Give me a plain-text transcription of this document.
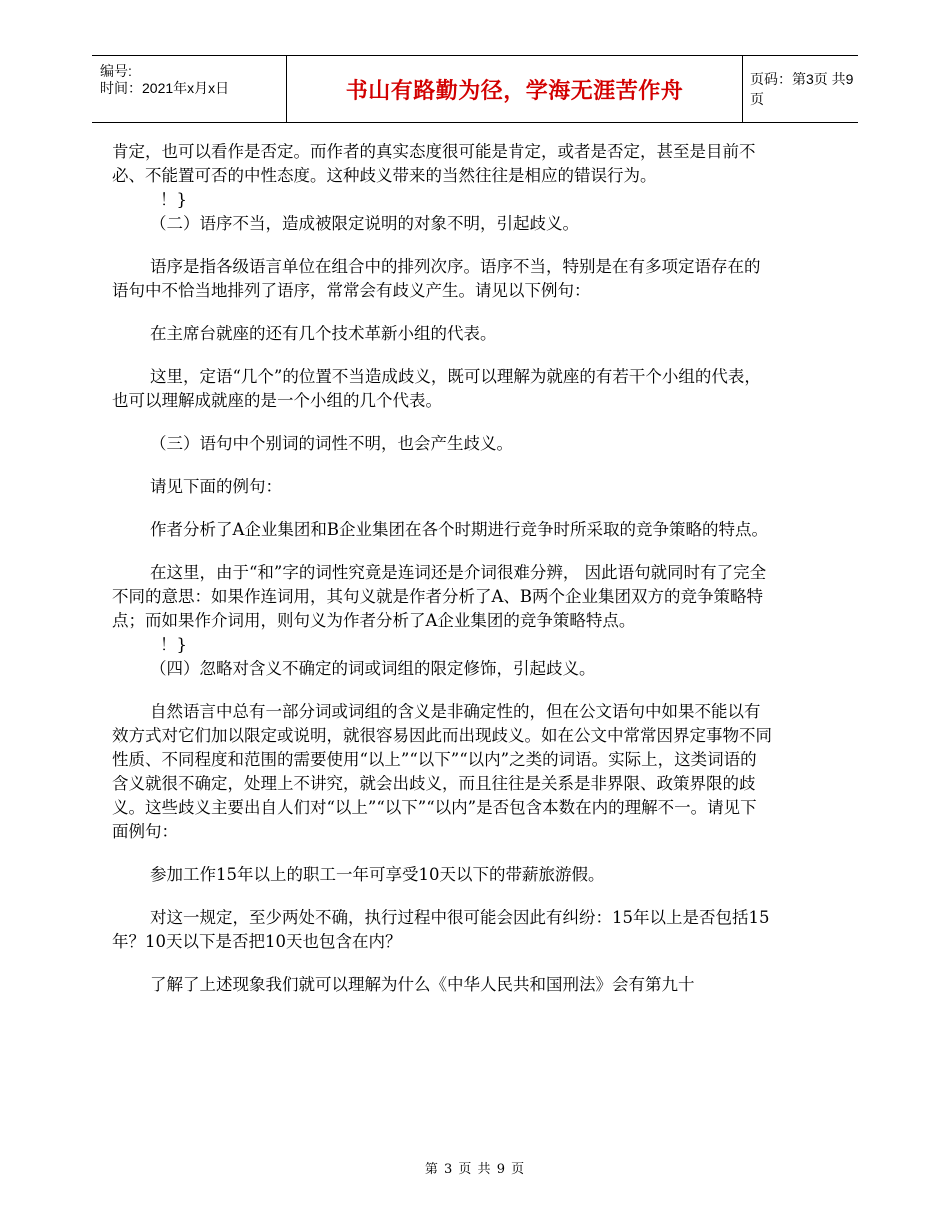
编号:
时间：2021年x月x日	书山有路勤为径，学海无涯苦作舟	页码：第3页 共9页

肯定，也可以看作是否定。而作者的真实态度很可能是肯定，或者是否定，甚至是目前不必、不能置可否的中性态度。这种歧义带来的当然往往是相应的错误行为。

！}

（二）语序不当，造成被限定说明的对象不明，引起歧义。

语序是指各级语言单位在组合中的排列次序。语序不当，特别是在有多项定语存在的语句中不恰当地排列了语序，常常会有歧义产生。请见以下例句：

在主席台就座的还有几个技术革新小组的代表。

这里，定语“几个”的位置不当造成歧义，既可以理解为就座的有若干个小组的代表，也可以理解成就座的是一个小组的几个代表。

（三）语句中个别词的词性不明，也会产生歧义。

请见下面的例句：

作者分析了A企业集团和B企业集团在各个时期进行竞争时所采取的竞争策略的特点。

在这里，由于“和”字的词性究竟是连词还是介词很难分辨， 因此语句就同时有了完全不同的意思：如果作连词用，其句义就是作者分析了A、B两个企业集团双方的竞争策略特点；而如果作介词用，则句义为作者分析了A企业集团的竞争策略特点。

！}

（四）忽略对含义不确定的词或词组的限定修饰，引起歧义。

自然语言中总有一部分词或词组的含义是非确定性的，但在公文语句中如果不能以有效方式对它们加以限定或说明，就很容易因此而出现歧义。如在公文中常常因界定事物不同性质、不同程度和范围的需要使用“以上”“以下”“以内”之类的词语。实际上，这类词语的含义就很不确定，处理上不讲究，就会出歧义，而且往往是关系是非界限、政策界限的歧义。这些歧义主要出自人们对“以上”“以下”“以内”是否包含本数在内的理解不一。请见下面例句：

参加工作15年以上的职工一年可享受10天以下的带薪旅游假。

对这一规定，至少两处不确，执行过程中很可能会因此有纠纷：15年以上是否包括15年？10天以下是否把10天也包含在内？

了解了上述现象我们就可以理解为什么《中华人民共和国刑法》会有第九十

第 3 页 共 9 页
